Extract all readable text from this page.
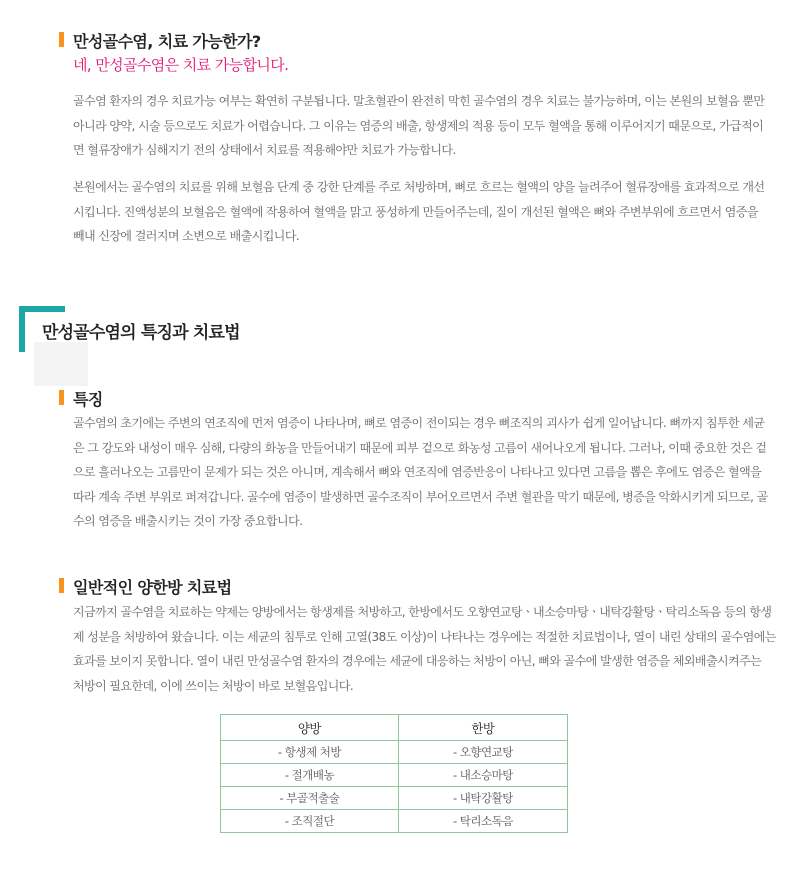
만성골수염, 치료 가능한가?
네, 만성골수염은 치료 가능합니다.
골수염 환자의 경우 치료가능 여부는 확연히 구분됩니다. 말초혈관이 완전히 막힌 골수염의 경우 치료는 불가능하며, 이는 본원의 보혈음 뿐만
아니라 양약, 시술 등으로도 치료가 어렵습니다. 그 이유는 염증의 배출, 항생제의 적용 등이 모두 혈액을 통해 이루어지기 때문으로, 가급적이
면 혈류장애가 심해지기 전의 상태에서 치료를 적용해야만 치료가 가능합니다.
본원에서는 골수염의 치료를 위해 보혈음 단계 중 강한 단계를 주로 처방하며, 뼈로 흐르는 혈액의 양을 늘려주어 혈류장애를 효과적으로 개선
시킵니다. 진액성분의 보혈음은 혈액에 작용하여 혈액을 맑고 풍성하게 만들어주는데, 질이 개선된 혈액은 뼈와 주변부위에 흐르면서 염증을
빼내 신장에 걸러지며 소변으로 배출시킵니다.
만성골수염의 특징과 치료법
특징
골수염의 초기에는 주변의 연조직에 먼저 염증이 나타나며, 뼈로 염증이 전이되는 경우 뼈조직의 괴사가 쉽게 일어납니다. 뼈까지 침투한 세균
은 그 강도와 내성이 매우 심해, 다량의 화농을 만들어내기 때문에 피부 겉으로 화농성 고름이 새어나오게 됩니다. 그러나, 이때 중요한 것은 겉
으로 흘러나오는 고름만이 문제가 되는 것은 아니며, 계속해서 뼈와 연조직에 염증반응이 나타나고 있다면 고름을 뽑은 후에도 염증은 혈액을
따라 계속 주변 부위로 퍼져갑니다. 골수에 염증이 발생하면 골수조직이 부어오르면서 주변 혈관을 막기 때문에, 병증을 악화시키게 되므로, 골
수의 염증을 배출시키는 것이 가장 중요합니다.
일반적인 양한방 치료법
지금까지 골수염을 치료하는 약제는 양방에서는 항생제를 처방하고, 한방에서도 오향연교탕ㆍ내소승마탕ㆍ내탁강활탕ㆍ탁리소독음 등의 항생
제 성분을 처방하여 왔습니다. 이는 세균의 침투로 인해 고열(38도 이상)이 나타나는 경우에는 적절한 치료법이나, 열이 내린 상태의 골수염에는
효과를 보이지 못합니다. 열이 내린 만성골수염 환자의 경우에는 세균에 대응하는 처방이 아닌, 뼈와 골수에 발생한 염증을 체외배출시켜주는
처방이 필요한데, 이에 쓰이는 처방이 바로 보혈음입니다.
양방	한방
- 항생제 처방	- 오향연교탕
- 절개배농	- 내소승마탕
- 부골적출술	- 내탁강활탕
- 조직절단	- 탁리소독음
